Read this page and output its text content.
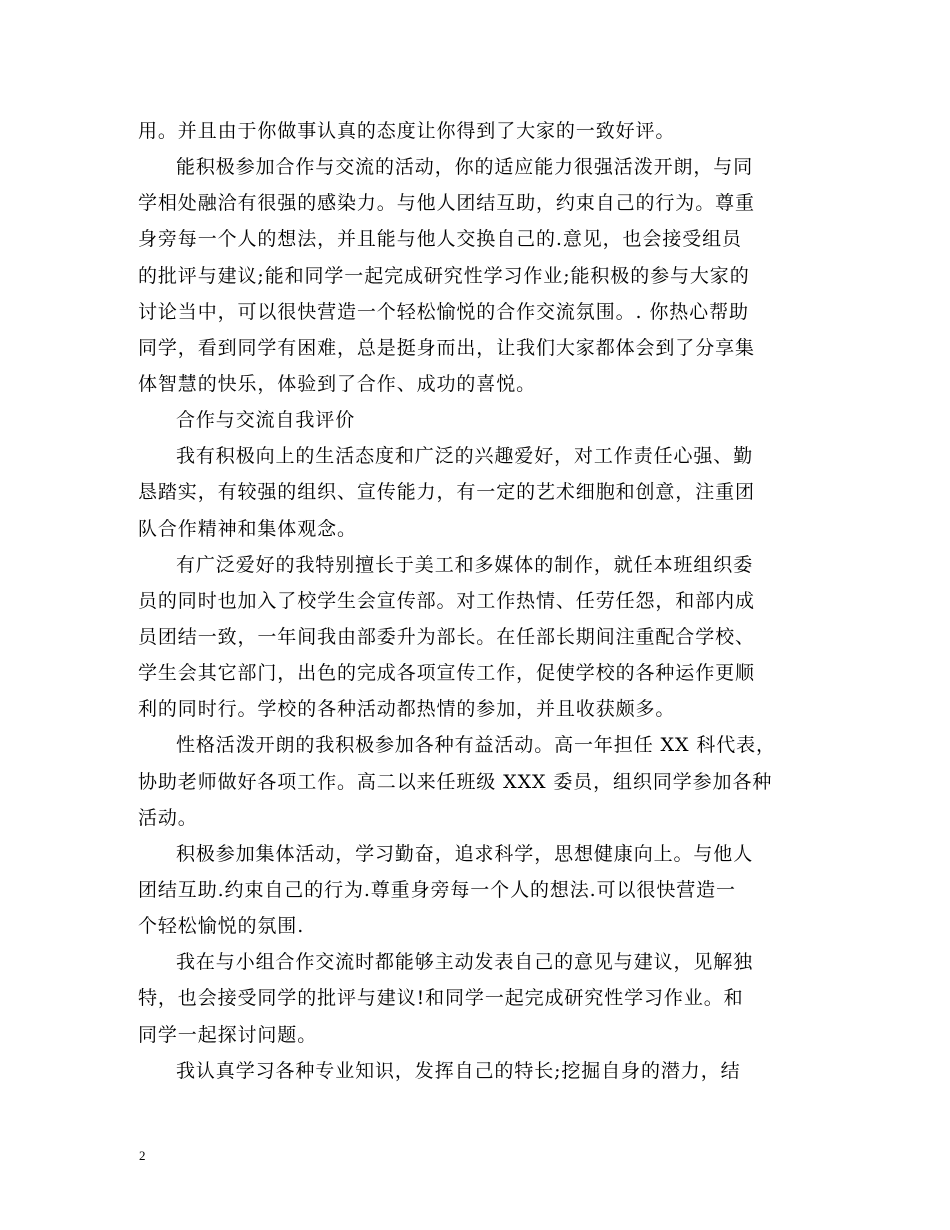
用。并且由于你做事认真的态度让你得到了大家的一致好评。
能积极参加合作与交流的活动，你的适应能力很强活泼开朗，与同
学相处融洽有很强的感染力。与他人团结互助，约束自己的行为。尊重
身旁每一个人的想法，并且能与他人交换自己的.意见，也会接受组员
的批评与建议;能和同学一起完成研究性学习作业;能积极的参与大家的
讨论当中，可以很快营造一个轻松愉悦的合作交流氛围。. 你热心帮助
同学，看到同学有困难，总是挺身而出，让我们大家都体会到了分享集
体智慧的快乐，体验到了合作、成功的喜悦。
合作与交流自我评价
我有积极向上的生活态度和广泛的兴趣爱好，对工作责任心强、勤
恳踏实，有较强的组织、宣传能力，有一定的艺术细胞和创意，注重团
队合作精神和集体观念。
有广泛爱好的我特别擅长于美工和多媒体的制作，就任本班组织委
员的同时也加入了校学生会宣传部。对工作热情、任劳任怨，和部内成
员团结一致，一年间我由部委升为部长。在任部长期间注重配合学校、
学生会其它部门，出色的完成各项宣传工作，促使学校的各种运作更顺
利的同时行。学校的各种活动都热情的参加，并且收获颇多。
性格活泼开朗的我积极参加各种有益活动。高一年担任 XX 科代表，
协助老师做好各项工作。高二以来任班级 XXX 委员，组织同学参加各种
活动。
积极参加集体活动，学习勤奋，追求科学，思想健康向上。与他人
团结互助.约束自己的行为.尊重身旁每一个人的想法.可以很快营造一
个轻松愉悦的氛围.
我在与小组合作交流时都能够主动发表自己的意见与建议，见解独
特，也会接受同学的批评与建议!和同学一起完成研究性学习作业。和
同学一起探讨问题。
我认真学习各种专业知识，发挥自己的特长;挖掘自身的潜力，结
2
